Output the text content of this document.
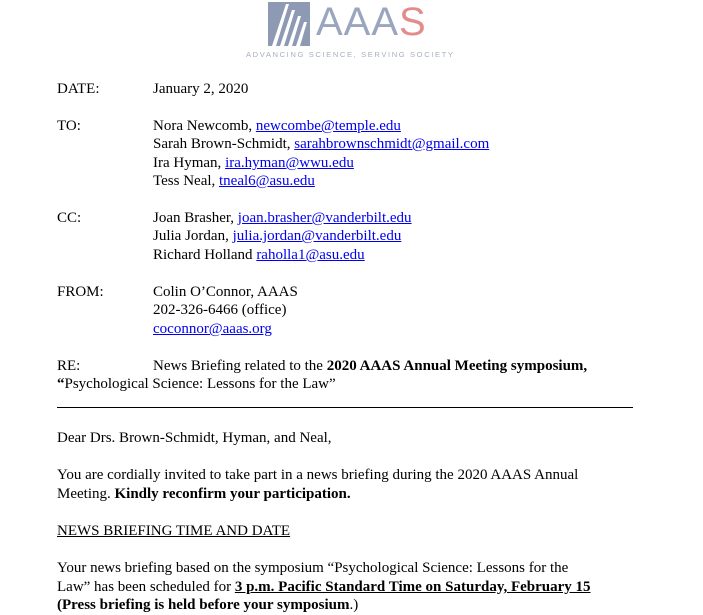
AAAS
ADVANCING SCIENCE, SERVING SOCIETY
DATE:	January 2, 2020
TO:	Nora Newcomb, newcombe@temple.edu
Sarah Brown-Schmidt, sarahbrownschmidt@gmail.com
Ira Hyman, ira.hyman@wwu.edu
Tess Neal, tneal6@asu.edu
CC:	Joan Brasher, joan.brasher@vanderbilt.edu
Julia Jordan, julia.jordan@vanderbilt.edu
Richard Holland raholla1@asu.edu
FROM:	Colin O’Connor, AAAS
202-326-6466 (office)
coconnor@aaas.org
RE:	News Briefing related to the 2020 AAAS Annual Meeting symposium,
“Psychological Science: Lessons for the Law”
Dear Drs. Brown-Schmidt, Hyman, and Neal,
You are cordially invited to take part in a news briefing during the 2020 AAAS Annual
Meeting. Kindly reconfirm your participation.
NEWS BRIEFING TIME AND DATE
Your news briefing based on the symposium “Psychological Science: Lessons for the
Law” has been scheduled for 3 p.m. Pacific Standard Time on Saturday, February 15
(Press briefing is held before your symposium.)
